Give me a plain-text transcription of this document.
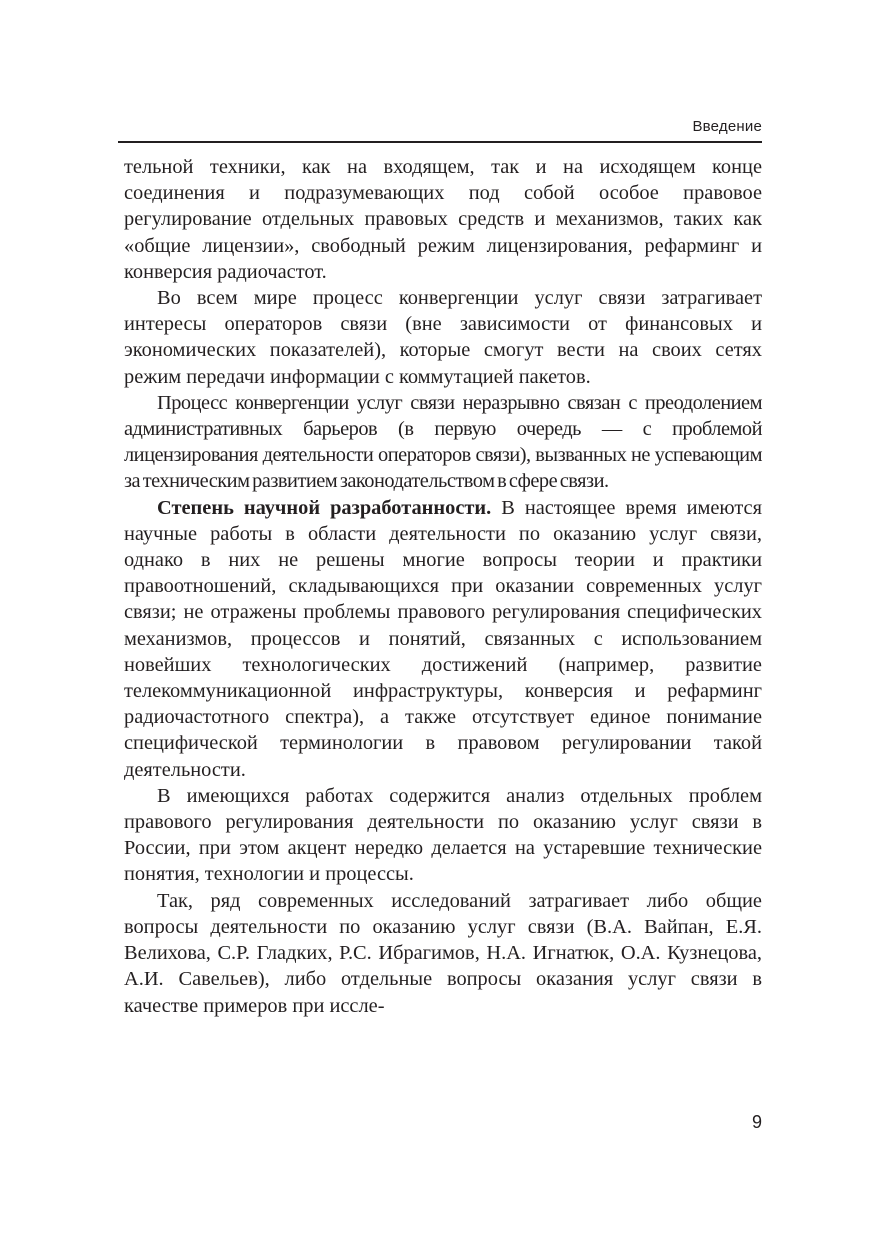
Введение

тельной техники, как на входящем, так и на исходящем конце соединения и подразумевающих под собой особое правовое регулирование отдельных правовых средств и механизмов, таких как «общие лицензии», свободный режим лицензирования, рефарминг и конверсия радиочастот.

Во всем мире процесс конвергенции услуг связи затрагивает интересы операторов связи (вне зависимости от финансовых и экономических показателей), которые смогут вести на своих сетях режим передачи информации с коммутацией пакетов.

Процесс конвергенции услуг связи неразрывно связан с преодолением административных барьеров (в первую очередь — с проблемой лицензирования деятельности операторов связи), вызванных не успевающим за техническим развитием законодательством в сфере связи.

Степень научной разработанности. В настоящее время имеются научные работы в области деятельности по оказанию услуг связи, однако в них не решены многие вопросы теории и практики правоотношений, складывающихся при оказании современных услуг связи; не отражены проблемы правового регулирования специфических механизмов, процессов и понятий, связанных с использованием новейших технологических достижений (например, развитие телекоммуникационной инфраструктуры, конверсия и рефарминг радиочастотного спектра), а также отсутствует единое понимание специфической терминологии в правовом регулировании такой деятельности.

В имеющихся работах содержится анализ отдельных проблем правового регулирования деятельности по оказанию услуг связи в России, при этом акцент нередко делается на устаревшие технические понятия, технологии и процессы.

Так, ряд современных исследований затрагивает либо общие вопросы деятельности по оказанию услуг связи (В.А. Вайпан, Е.Я. Велихова, С.Р. Гладких, Р.С. Ибрагимов, Н.А. Игнатюк, О.А. Кузнецова, А.И. Савельев), либо отдельные вопросы оказания услуг связи в качестве примеров при иссле-

9
